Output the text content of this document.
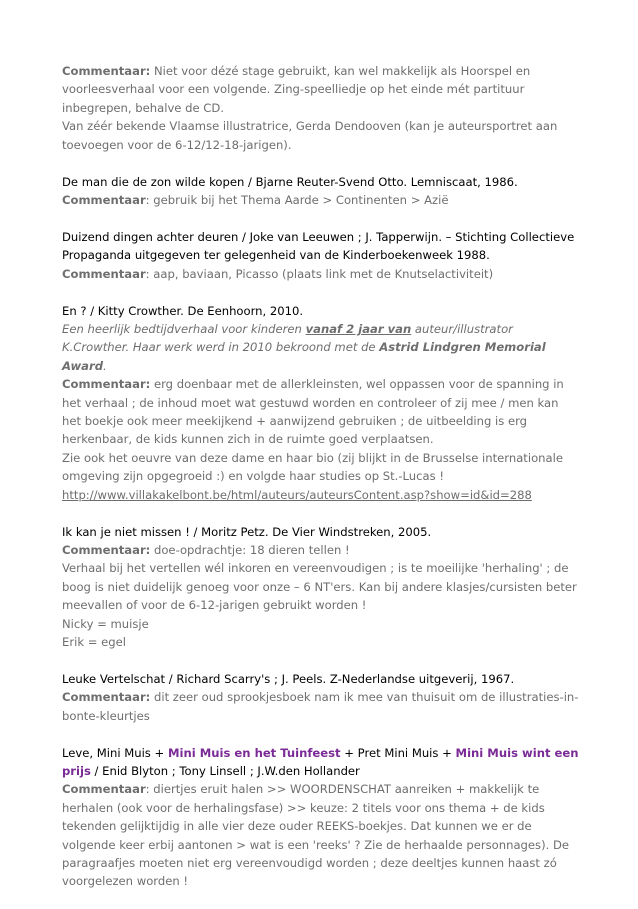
Commentaar: Niet voor dézé stage gebruikt, kan wel makkelijk als Hoorspel en voorleesverhaal voor een volgende. Zing-speelliedje op het einde mét partituur inbegrepen, behalve de CD.

Van zéér bekende Vlaamse illustratrice, Gerda Dendooven (kan je auteursportret aan toevoegen voor de 6-12/12-18-jarigen).

De man die de zon wilde kopen / Bjarne Reuter-Svend Otto. Lemniscaat, 1986.

Commentaar: gebruik bij het Thema Aarde > Continenten > Azië

Duizend dingen achter deuren / Joke van Leeuwen ; J. Tapperwijn. – Stichting Collectieve Propaganda uitgegeven ter gelegenheid van de Kinderboekenweek 1988.

Commentaar: aap, baviaan, Picasso (plaats link met de Knutselactiviteit)

En ? / Kitty Crowther. De Eenhoorn, 2010.

Een heerlijk bedtijdverhaal voor kinderen vanaf 2 jaar van auteur/illustrator K.Crowther. Haar werk werd in 2010 bekroond met de Astrid Lindgren Memorial Award.

Commentaar: erg doenbaar met de allerkleinsten, wel oppassen voor de spanning in het verhaal ; de inhoud moet wat gestuwd worden en controleer of zij mee / men kan het boekje ook meer meekijkend + aanwijzend gebruiken ; de uitbeelding is erg herkenbaar, de kids kunnen zich in de ruimte goed verplaatsen.

Zie ook het oeuvre van deze dame en haar bio (zij blijkt in de Brusselse internationale omgeving zijn opgegroeid :) en volgde haar studies op St.-Lucas !

http://www.villakakelbont.be/html/auteurs/auteursContent.asp?show=id&id=288

Ik kan je niet missen ! / Moritz Petz. De Vier Windstreken, 2005.

Commentaar: doe-opdrachtje: 18 dieren tellen !

Verhaal bij het vertellen wél inkoren en vereenvoudigen ; is te moeilijke 'herhaling' ; de boog is niet duidelijk genoeg voor onze – 6 NT'ers. Kan bij andere klasjes/cursisten beter meevallen of voor de 6-12-jarigen gebruikt worden !

Nicky = muisje

Erik = egel

Leuke Vertelschat / Richard Scarry's ; J. Peels. Z-Nederlandse uitgeverij, 1967.

Commentaar: dit zeer oud sprookjesboek nam ik mee van thuisuit om de illustraties-in-bonte-kleurtjes

Leve, Mini Muis + Mini Muis en het Tuinfeest + Pret Mini Muis + Mini Muis wint een prijs / Enid Blyton ; Tony Linsell ; J.W.den Hollander

Commentaar: diertjes eruit halen >> WOORDENSCHAT aanreiken + makkelijk te herhalen (ook voor de herhalingsfase) >> keuze: 2 titels voor ons thema + de kids tekenden gelijktijdig in alle vier deze ouder REEKS-boekjes. Dat kunnen we er de volgende keer erbij aantonen > wat is een 'reeks' ? Zie de herhaalde personnages). De paragraafjes moeten niet erg vereenvoudigd worden ; deze deeltjes kunnen haast zó voorgelezen worden !
